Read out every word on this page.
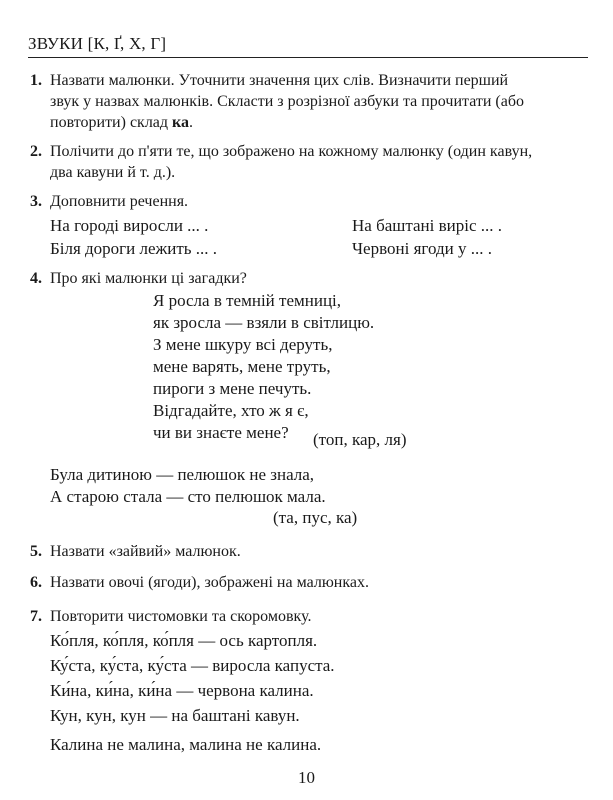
ЗВУКИ [К, Ґ, Х, Г]
1. Назвати малюнки. Уточнити значення цих слів. Визначити перший
звук у назвах малюнків. Скласти з розрізної азбуки та прочитати (або
повторити) склад ка.
2. Полічити до п'яти те, що зображено на кожному малюнку (один кавун,
два кавуни й т. д.).
3. Доповнити речення.
На городі виросли ... .
Біля дороги лежить ... .
На баштані виріс ... .
Червоні ягоди у ... .
4. Про які малюнки ці загадки?
Я росла в темній темниці,
як зросла — взяли в світлицю.
З мене шкуру всі деруть,
мене варять, мене труть,
пироги з мене печуть.
Відгадайте, хто ж я є,
чи ви знаєте мене?	(топ, кар, ля)
Була дитиною — пелюшок не знала,
А старою стала — сто пелюшок мала.
(та, пус, ка)
5. Назвати «зайвий» малюнок.
6. Назвати овочі (ягоди), зображені на малюнках.
7. Повторити чистомовки та скоромовку.
Ко́пля, ко́пля, ко́пля — ось картопля.
Ку́ста, ку́ста, ку́ста — виросла капуста.
Ки́на, ки́на, ки́на — червона калина.
Кун, кун, кун — на баштані кавун.
Калина не малина, малина не калина.
10
